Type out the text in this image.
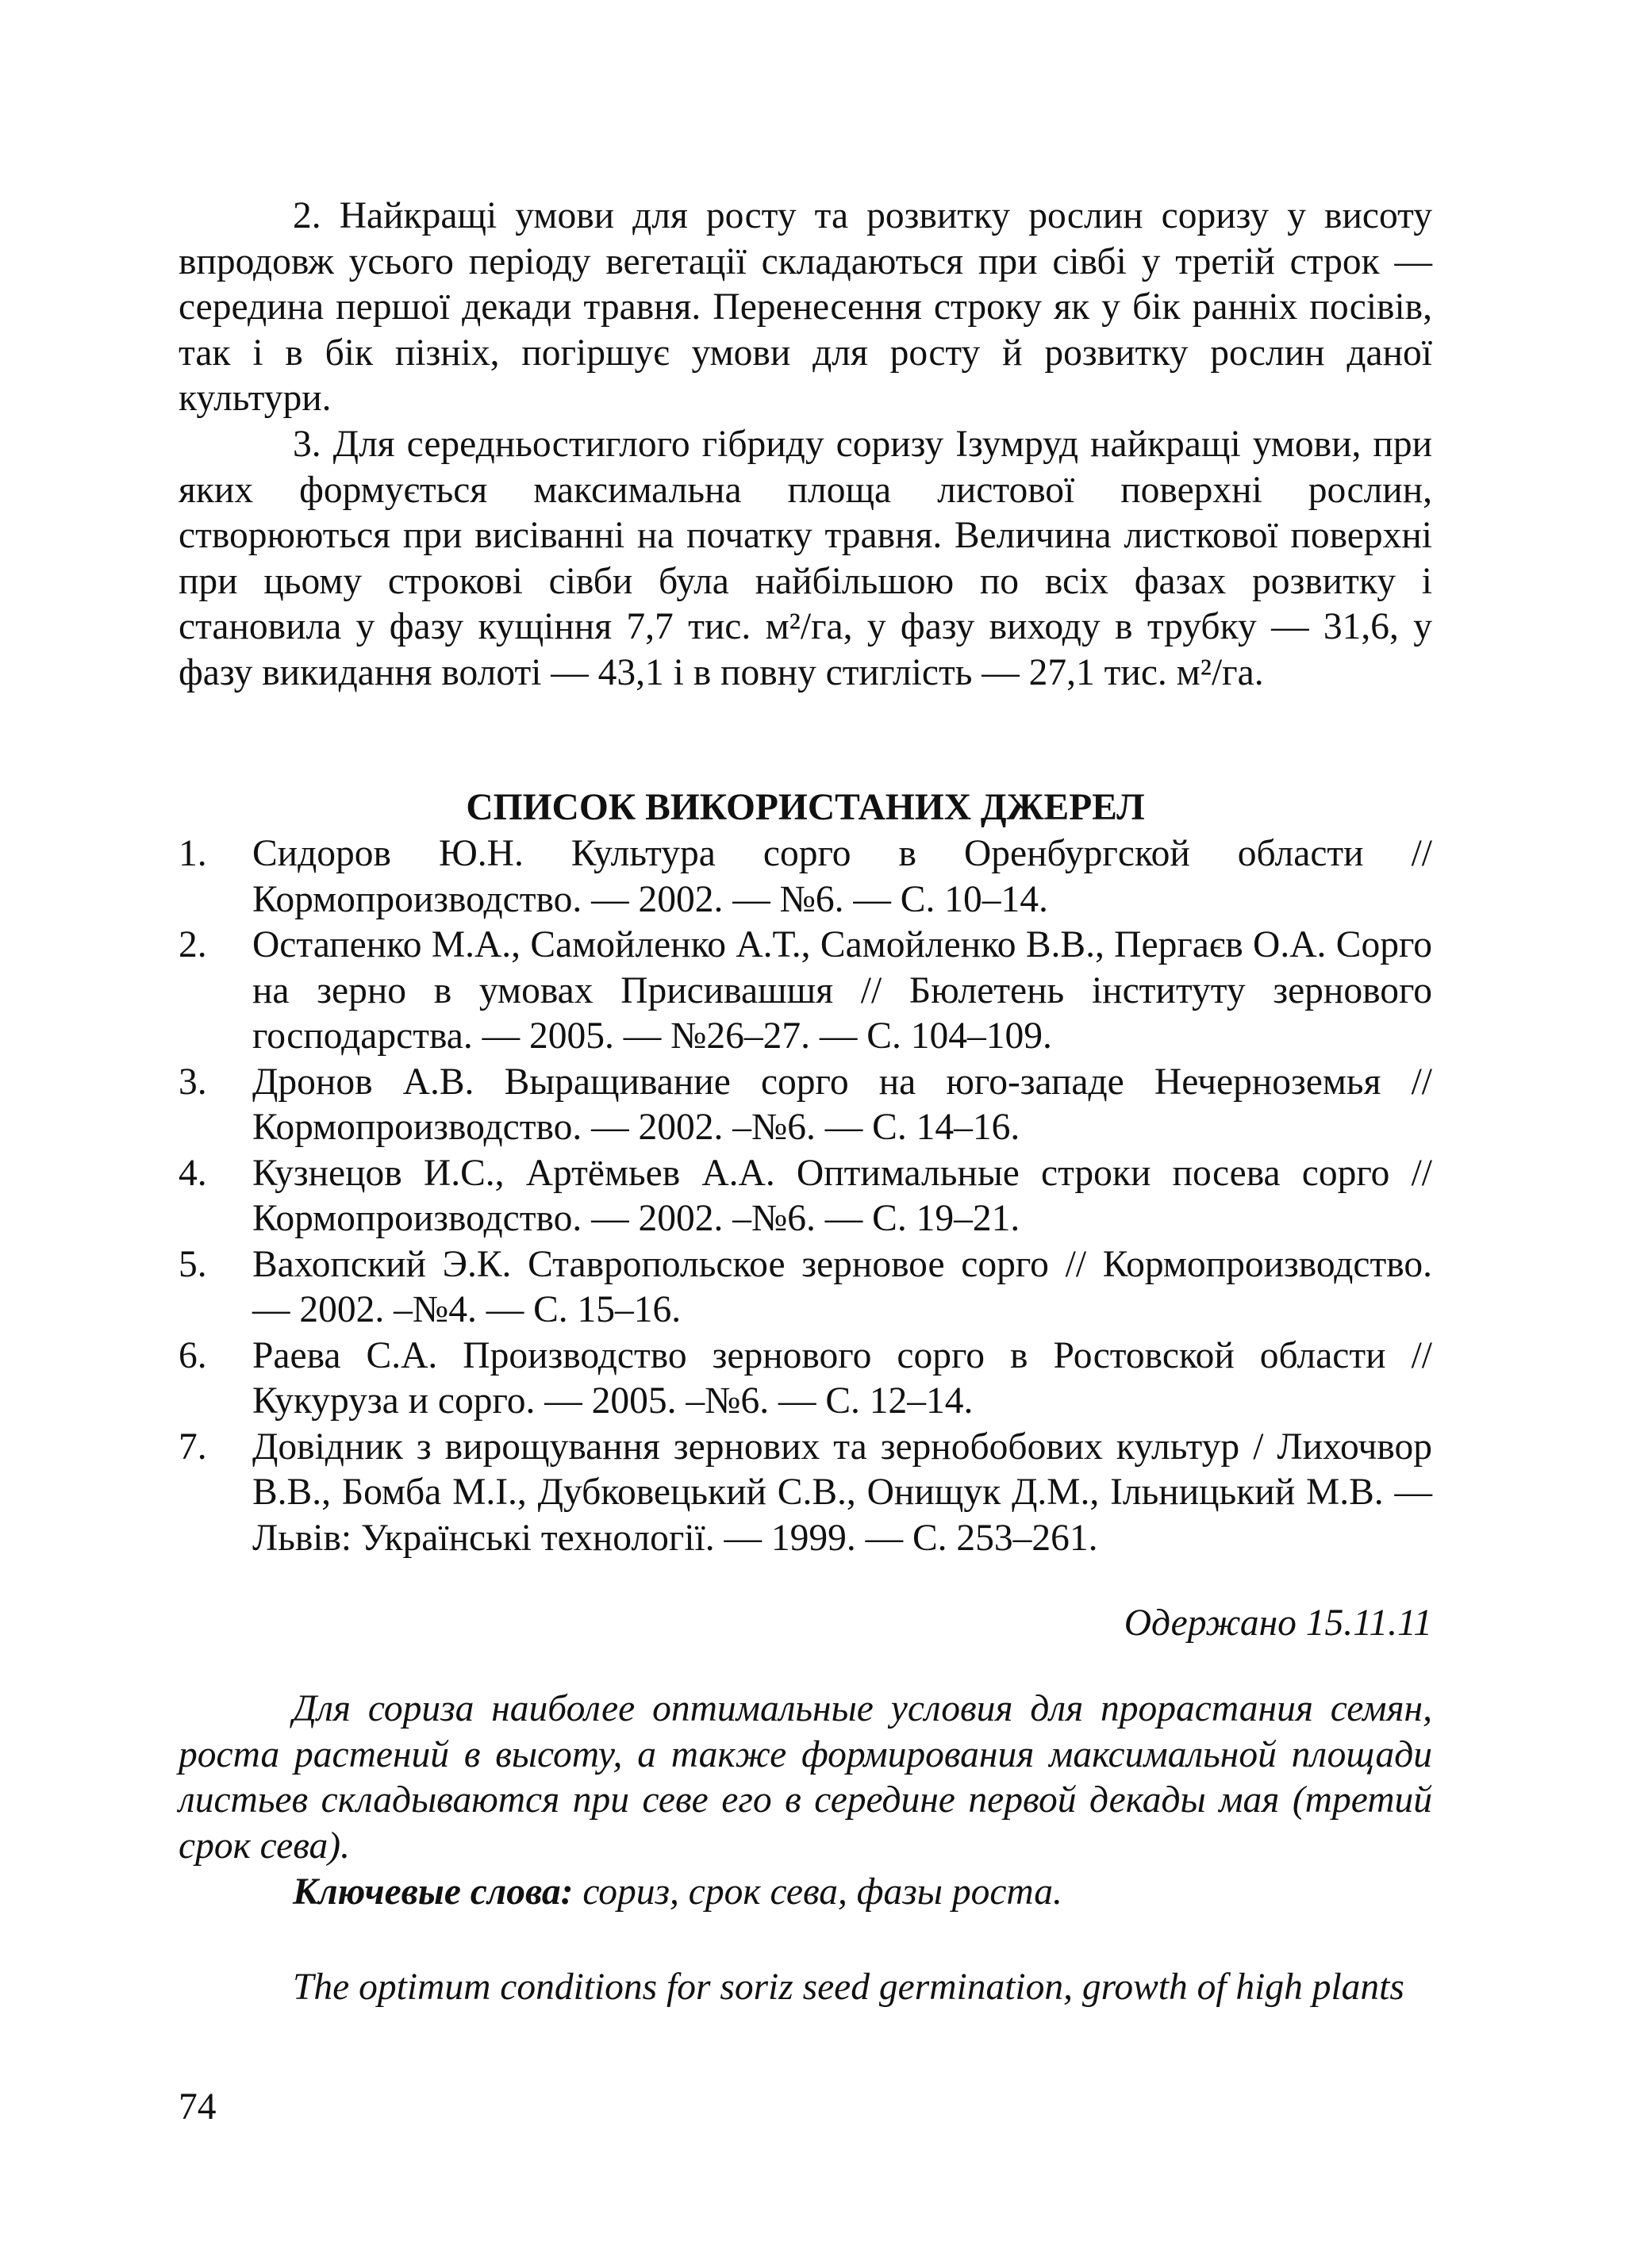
2. Найкращі умови для росту та розвитку рослин соризу у висоту впродовж усього періоду вегетації складаються при сівбі у третій строк — середина першої декади травня. Перенесення строку як у бік ранніх посівів, так і в бік пізніх, погіршує умови для росту й розвитку рослин даної культури.

3. Для середньостиглого гібриду соризу Ізумруд найкращі умови, при яких формується максимальна площа листової поверхні рослин, створюються при висіванні на початку травня. Величина листкової поверхні при цьому строкові сівби була найбільшою по всіх фазах розвитку і становила у фазу кущіння 7,7 тис. м²/га, у фазу виходу в трубку — 31,6, у фазу викидання волоті — 43,1 і в повну стиглість — 27,1 тис. м²/га.

СПИСОК ВИКОРИСТАНИХ ДЖЕРЕЛ
1.	Сидоров Ю.Н. Культура сорго в Оренбургской области // Кормопроизводство. — 2002. — №6. — С. 10–14.
2.	Остапенко М.А., Самойленко А.Т., Самойленко В.В., Пергаєв О.А. Сорго на зерно в умовах Присивашшя // Бюлетень інституту зернового господарства. — 2005. — №26–27. — С. 104–109.
3.	Дронов А.В. Выращивание сорго на юго-западе Нечерноземья // Кормопроизводство. — 2002. –№6. — С. 14–16.
4.	Кузнецов И.С., Артёмьев А.А. Оптимальные строки посева сорго // Кормопроизводство. — 2002. –№6. — С. 19–21.
5.	Вахопский Э.К. Ставропольское зерновое сорго // Кормопроизводство. — 2002. –№4. — С. 15–16.
6.	Раева С.А. Производство зернового сорго в Ростовской области // Кукуруза и сорго. — 2005. –№6. — С. 12–14.
7.	Довідник з вирощування зернових та зернобобових культур / Лихочвор В.В., Бомба М.І., Дубковецький С.В., Онищук Д.М., Ільницький М.В. — Львів: Українські технології. — 1999. — С. 253–261.

Одержано 15.11.11

Для сориза наиболее оптимальные условия для прорастания семян, роста растений в высоту, а также формирования максимальной площади листьев складываются при севе его в середине первой декады мая (третий срок сева).

Ключевые слова: сориз, срок сева, фазы роста.

The optimum conditions for soriz seed germination, growth of high plants

74
